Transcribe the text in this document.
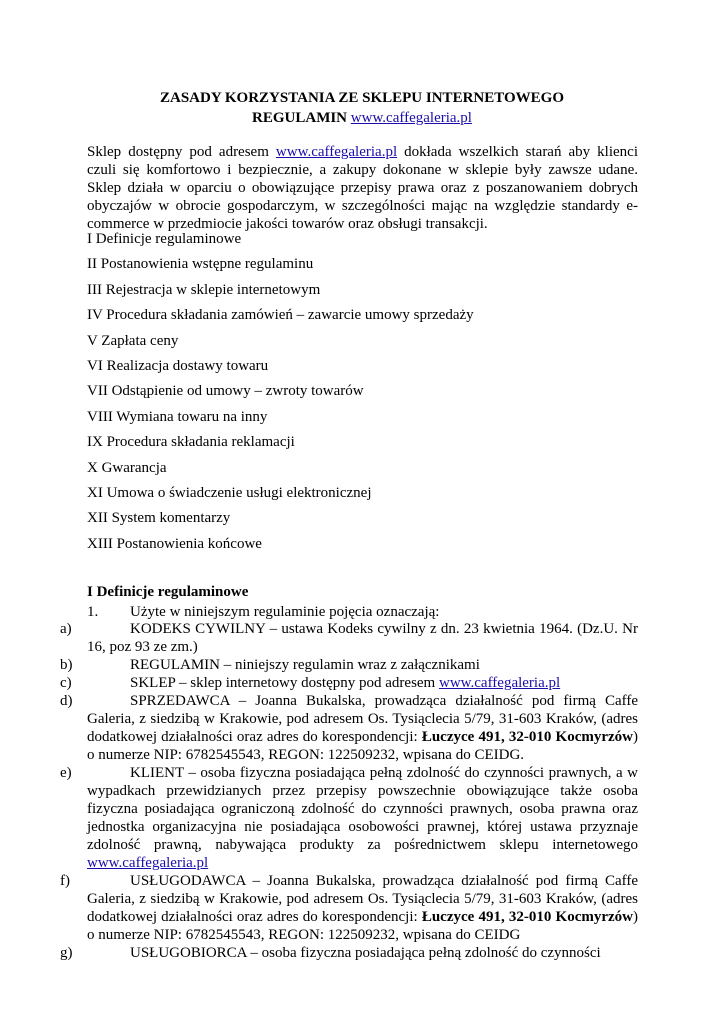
ZASADY KORZYSTANIA ZE SKLEPU INTERNETOWEGO
REGULAMIN www.caffegaleria.pl
Sklep dostępny pod adresem www.caffegaleria.pl dokłada wszelkich starań aby klienci czuli się komfortowo i bezpiecznie, a zakupy dokonane w sklepie były zawsze udane. Sklep działa w oparciu o obowiązujące przepisy prawa oraz z poszanowaniem dobrych obyczajów w obrocie gospodarczym, w szczególności mając na względzie standardy e-commerce w przedmiocie jakości towarów oraz obsługi transakcji.
I Definicje regulaminowe
II Postanowienia wstępne regulaminu
III Rejestracja w sklepie internetowym
IV Procedura składania zamówień – zawarcie umowy sprzedaży
V Zapłata ceny
VI Realizacja dostawy towaru
VII Odstąpienie od umowy – zwroty towarów
VIII Wymiana towaru na inny
IX Procedura składania reklamacji
X Gwarancja
XI Umowa o świadczenie usługi elektronicznej
XII System komentarzy
XIII Postanowienia końcowe
I Definicje regulaminowe
1. Użyte w niniejszym regulaminie pojęcia oznaczają:
a)	KODEKS CYWILNY – ustawa Kodeks cywilny z dn. 23 kwietnia 1964. (Dz.U. Nr 16, poz 93 ze zm.)
b)	REGULAMIN – niniejszy regulamin wraz z załącznikami
c)	SKLEP – sklep internetowy dostępny pod adresem www.caffegaleria.pl
d)	SPRZEDAWCA – Joanna Bukalska, prowadząca działalność pod firmą Caffe Galeria, z siedzibą w Krakowie, pod adresem Os. Tysiąclecia 5/79, 31-603 Kraków, (adres dodatkowej działalności oraz adres do korespondencji: Łuczyce 491, 32-010 Kocmyrzów) o numerze NIP: 6782545543, REGON: 122509232, wpisana do CEIDG.
e)	KLIENT – osoba fizyczna posiadająca pełną zdolność do czynności prawnych, a w wypadkach przewidzianych przez przepisy powszechnie obowiązujące także osoba fizyczna posiadająca ograniczoną zdolność do czynności prawnych, osoba prawna oraz jednostka organizacyjna nie posiadająca osobowości prawnej, której ustawa przyznaje zdolność prawną, nabywająca produkty za pośrednictwem sklepu internetowego www.caffegaleria.pl
f)	USŁUGODAWCA – Joanna Bukalska, prowadząca działalność pod firmą Caffe Galeria, z siedzibą w Krakowie, pod adresem Os. Tysiąclecia 5/79, 31-603 Kraków, (adres dodatkowej działalności oraz adres do korespondencji: Łuczyce 491, 32-010 Kocmyrzów) o numerze NIP: 6782545543, REGON: 122509232, wpisana do CEIDG
g)	USŁUGOBIORCA – osoba fizyczna posiadająca pełną zdolność do czynności
